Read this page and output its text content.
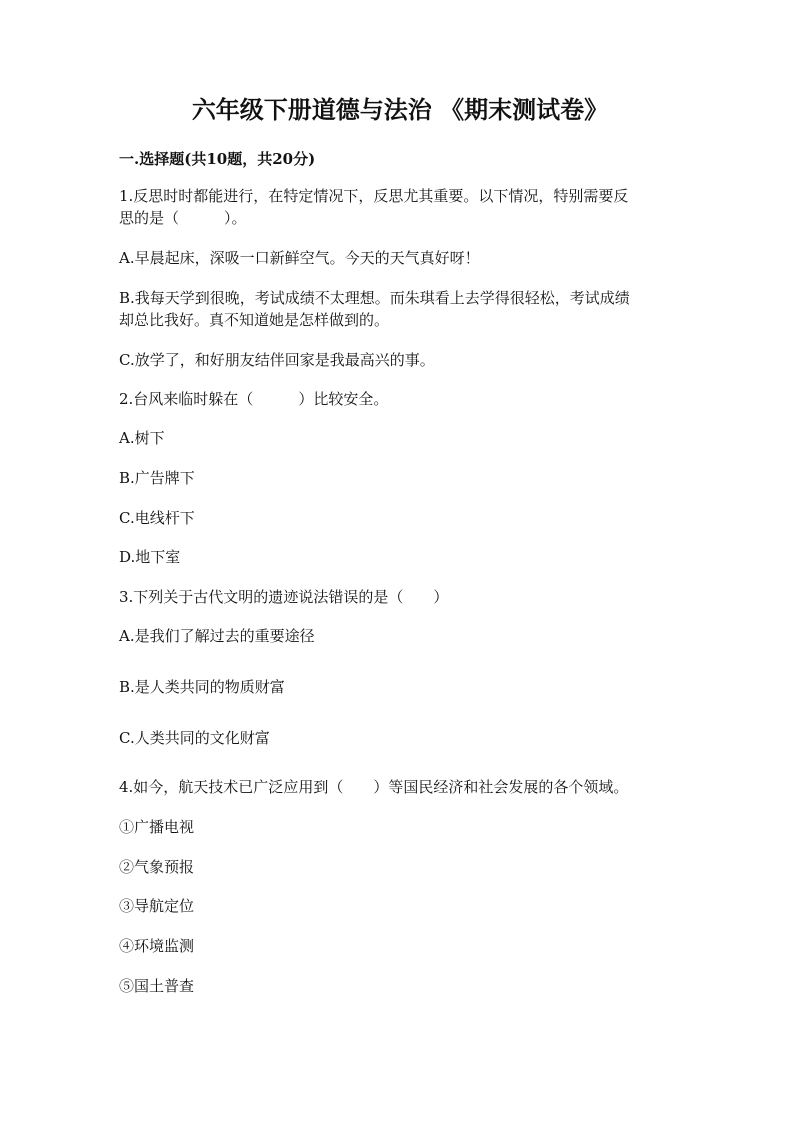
六年级下册道德与法治 《期末测试卷》
一.选择题(共10题，共20分)
1.反思时时都能进行，在特定情况下，反思尤其重要。以下情况，特别需要反
思的是（　　　）。
A.早晨起床，深吸一口新鲜空气。今天的天气真好呀！
B.我每天学到很晚，考试成绩不太理想。而朱琪看上去学得很轻松，考试成绩
却总比我好。真不知道她是怎样做到的。
C.放学了，和好朋友结伴回家是我最高兴的事。
2.台风来临时躲在（　　　）比较安全。
A.树下
B.广告牌下
C.电线杆下
D.地下室
3.下列关于古代文明的遗迹说法错误的是（　　）
A.是我们了解过去的重要途径
B.是人类共同的物质财富
C.人类共同的文化财富
4.如今，航天技术已广泛应用到（　　）等国民经济和社会发展的各个领域。
①广播电视
②气象预报
③导航定位
④环境监测
⑤国土普查
